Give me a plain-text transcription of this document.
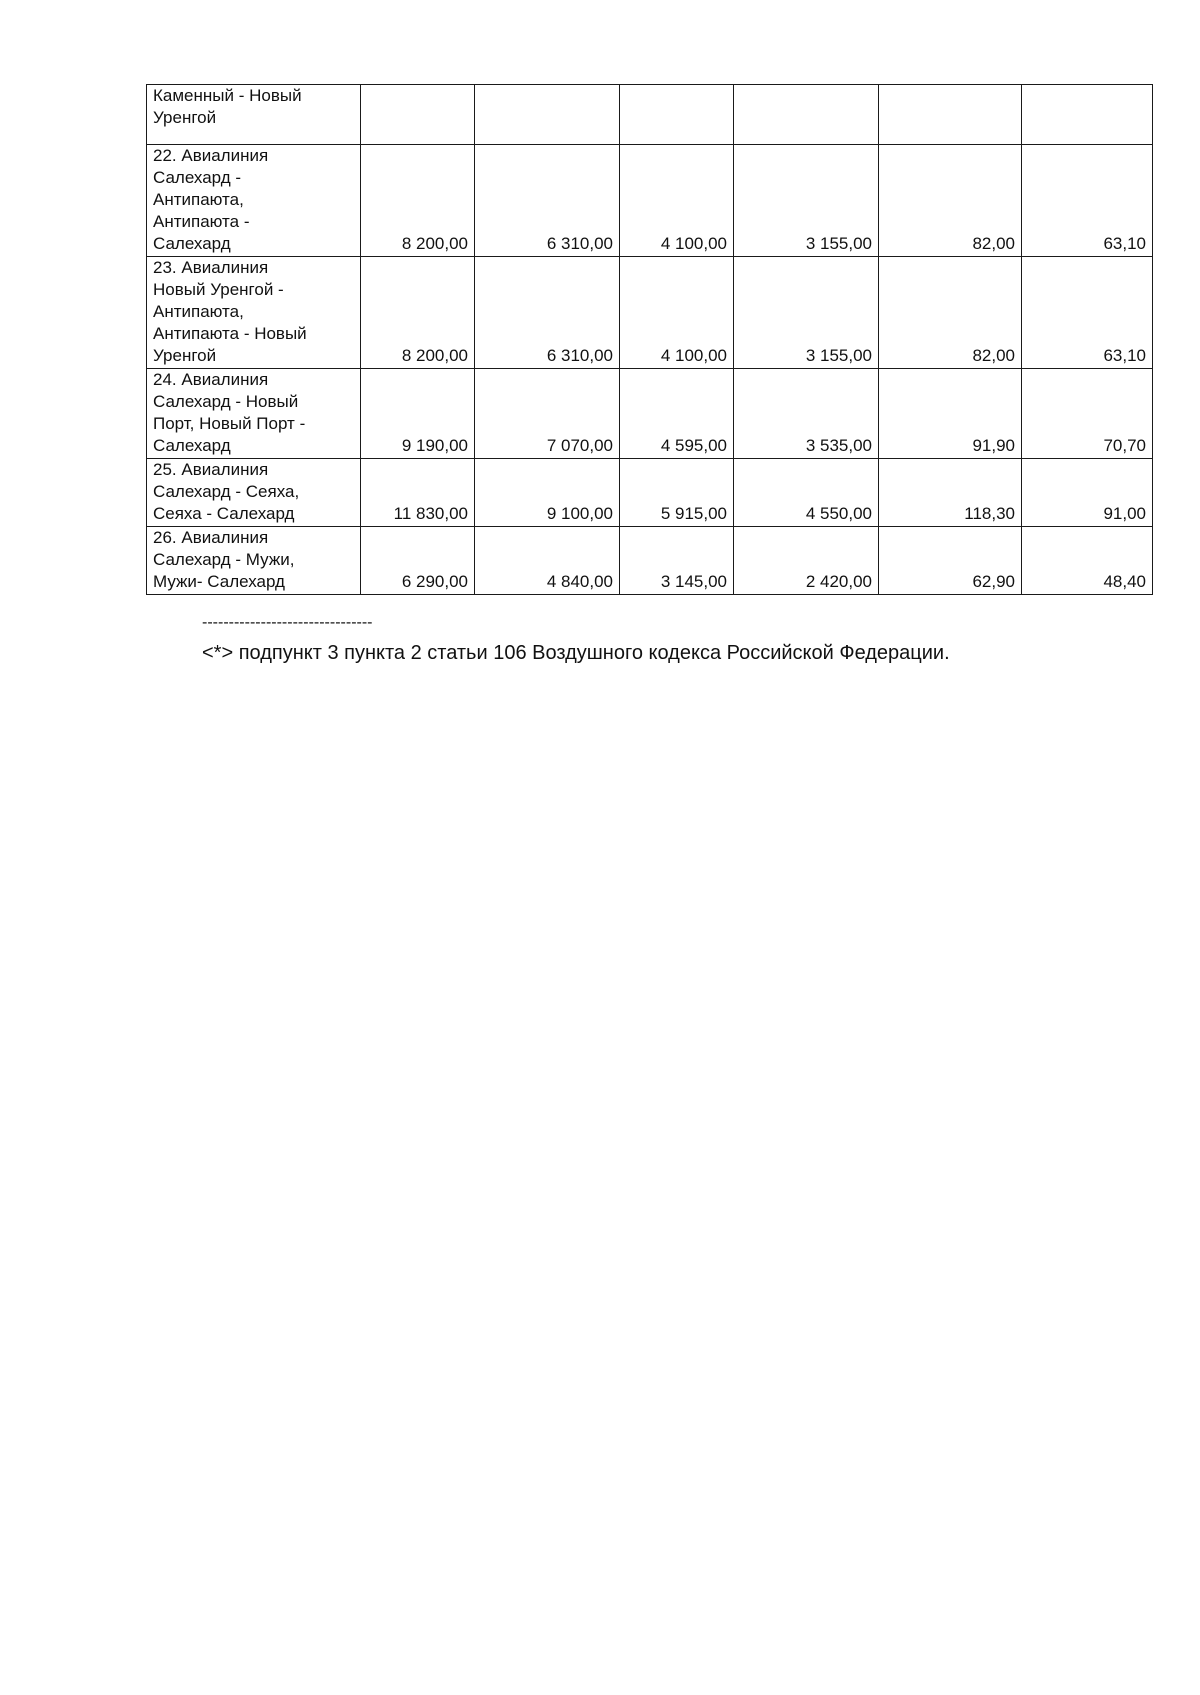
Каменный - Новый
Уренгой						
22. Авиалиния
Салехард -
Антипаюта,
Антипаюта -
Салехард	8 200,00	6 310,00	4 100,00	3 155,00	82,00	63,10
23. Авиалиния
Новый Уренгой -
Антипаюта,
Антипаюта - Новый
Уренгой	8 200,00	6 310,00	4 100,00	3 155,00	82,00	63,10
24. Авиалиния
Салехард - Новый
Порт, Новый Порт -
Салехард	9 190,00	7 070,00	4 595,00	3 535,00	91,90	70,70
25. Авиалиния
Салехард - Сеяха,
Сеяха - Салехард	11 830,00	9 100,00	5 915,00	4 550,00	118,30	91,00
26. Авиалиния
Салехард - Мужи,
Мужи- Салехард	6 290,00	4 840,00	3 145,00	2 420,00	62,90	48,40
--------------------------------
<*> подпункт 3 пункта 2 статьи 106 Воздушного кодекса Российской Федерации.
